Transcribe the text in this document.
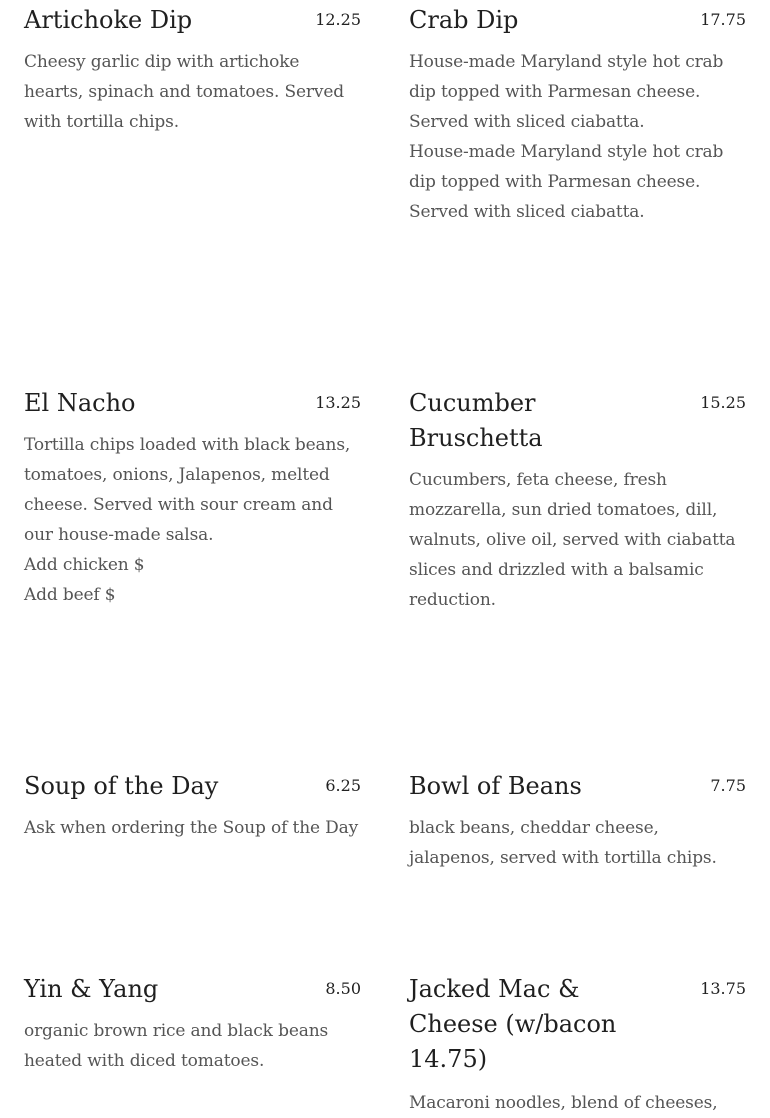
Artichoke Dip	12.25
Cheesy garlic dip with artichoke hearts, spinach and tomatoes. Served with tortilla chips.
Crab Dip	17.75
House-made Maryland style hot crab dip topped with Parmesan cheese. Served with sliced ciabatta.
House-made Maryland style hot crab dip topped with Parmesan cheese. Served with sliced ciabatta.
El Nacho	13.25
Tortilla chips loaded with black beans, tomatoes, onions, Jalapenos, melted cheese. Served with sour cream and our house-made salsa.
Add chicken $
Add beef $
Cucumber Bruschetta
15.25
Cucumbers, feta cheese, fresh mozzarella, sun dried tomatoes, dill, walnuts, olive oil, served with ciabatta slices and drizzled with a balsamic reduction.
Soup of the Day	6.25
Ask when ordering the Soup of the Day
Bowl of Beans	7.75
black beans, cheddar cheese, jalapenos, served with tortilla chips.
Yin & Yang	8.50
organic brown rice and black beans heated with diced tomatoes.
Jacked Mac & Cheese (w/bacon 14.75)
13.75
Macaroni noodles, blend of cheeses,
